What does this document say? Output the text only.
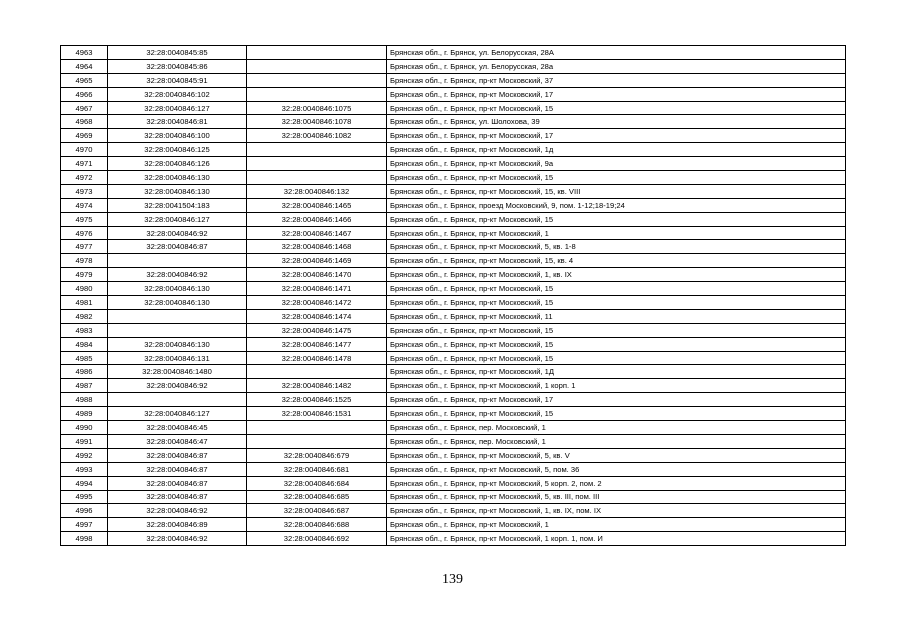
4963	32:28:0040845:85		Брянская обл., г. Брянск, ул. Белорусская, 28А
4964	32:28:0040845:86		Брянская обл., г. Брянск, ул. Белорусская, 28а
4965	32:28:0040845:91		Брянская обл., г. Брянск, пр-кт Московский, 37
4966	32:28:0040846:102		Брянская обл., г. Брянск, пр-кт Московский, 17
4967	32:28:0040846:127	32:28:0040846:1075	Брянская обл., г. Брянск, пр-кт Московский, 15
4968	32:28:0040846:81	32:28:0040846:1078	Брянская обл., г. Брянск, ул. Шолохова, 39
4969	32:28:0040846:100	32:28:0040846:1082	Брянская обл., г. Брянск, пр-кт Московский, 17
4970	32:28:0040846:125		Брянская обл., г. Брянск, пр-кт Московский, 1д
4971	32:28:0040846:126		Брянская обл., г. Брянск, пр-кт Московский, 9а
4972	32:28:0040846:130		Брянская обл., г. Брянск, пр-кт Московский, 15
4973	32:28:0040846:130	32:28:0040846:132	Брянская обл., г. Брянск, пр-кт Московский, 15, кв. VIII
4974	32:28:0041504:183	32:28:0040846:1465	Брянская обл., г. Брянск, проезд Московский, 9, пом. 1-12;18-19;24
4975	32:28:0040846:127	32:28:0040846:1466	Брянская обл., г. Брянск, пр-кт Московский, 15
4976	32:28:0040846:92	32:28:0040846:1467	Брянская обл., г. Брянск, пр-кт Московский, 1
4977	32:28:0040846:87	32:28:0040846:1468	Брянская обл., г. Брянск, пр-кт Московский, 5, кв. 1-8
4978		32:28:0040846:1469	Брянская обл., г. Брянск, пр-кт Московский, 15, кв. 4
4979	32:28:0040846:92	32:28:0040846:1470	Брянская обл., г. Брянск, пр-кт Московский, 1, кв. IX
4980	32:28:0040846:130	32:28:0040846:1471	Брянская обл., г. Брянск, пр-кт Московский, 15
4981	32:28:0040846:130	32:28:0040846:1472	Брянская обл., г. Брянск, пр-кт Московский, 15
4982		32:28:0040846:1474	Брянская обл., г. Брянск, пр-кт Московский, 11
4983		32:28:0040846:1475	Брянская обл., г. Брянск, пр-кт Московский, 15
4984	32:28:0040846:130	32:28:0040846:1477	Брянская обл., г. Брянск, пр-кт Московский, 15
4985	32:28:0040846:131	32:28:0040846:1478	Брянская обл., г. Брянск, пр-кт Московский, 15
4986	32:28:0040846:1480		Брянская обл., г. Брянск, пр-кт Московский, 1Д
4987	32:28:0040846:92	32:28:0040846:1482	Брянская обл., г. Брянск, пр-кт Московский, 1 корп. 1
4988		32:28:0040846:1525	Брянская обл., г. Брянск, пр-кт Московский, 17
4989	32:28:0040846:127	32:28:0040846:1531	Брянская обл., г. Брянск, пр-кт Московский, 15
4990	32:28:0040846:45		Брянская обл., г. Брянск, пер. Московский, 1
4991	32:28:0040846:47		Брянская обл., г. Брянск, пер. Московский, 1
4992	32:28:0040846:87	32:28:0040846:679	Брянская обл., г. Брянск, пр-кт Московский, 5, кв. V
4993	32:28:0040846:87	32:28:0040846:681	Брянская обл., г. Брянск, пр-кт Московский, 5, пом. 36
4994	32:28:0040846:87	32:28:0040846:684	Брянская обл., г. Брянск, пр-кт Московский, 5 корп. 2, пом. 2
4995	32:28:0040846:87	32:28:0040846:685	Брянская обл., г. Брянск, пр-кт Московский, 5, кв. III, пом. III
4996	32:28:0040846:92	32:28:0040846:687	Брянская обл., г. Брянск, пр-кт Московский, 1, кв. IX, пом. IX
4997	32:28:0040846:89	32:28:0040846:688	Брянская обл., г. Брянск, пр-кт Московский, 1
4998	32:28:0040846:92	32:28:0040846:692	Брянская обл., г. Брянск, пр-кт Московский, 1 корп. 1, пом. И
139
